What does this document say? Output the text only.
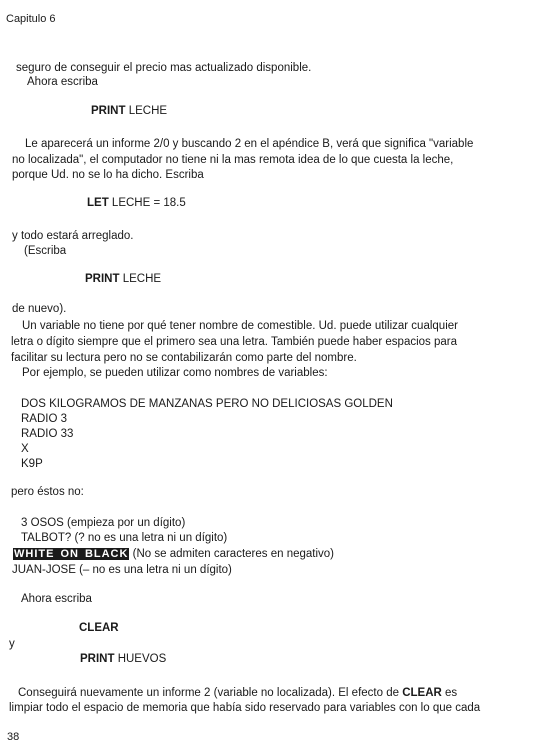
Capitulo 6
seguro de conseguir el precio mas actualizado disponible.
Ahora escriba
PRINT LECHE
Le aparecerá un informe 2/0 y buscando 2 en el apéndice B, verá que significa "variable
no localizada", el computador no tiene ni la mas remota idea de lo que cuesta la leche,
porque Ud. no se lo ha dicho. Escriba
LET LECHE = 18.5
y todo estará arreglado.
(Escriba
PRINT LECHE
de nuevo).
Un variable no tiene por qué tener nombre de comestible. Ud. puede utilizar cualquier
letra o dígito siempre que el primero sea una letra. También puede haber espacios para
facilitar su lectura pero no se contabilizarán como parte del nombre.
Por ejemplo, se pueden utilizar como nombres de variables:
DOS KILOGRAMOS DE MANZANAS PERO NO DELICIOSAS GOLDEN
RADIO 3
RADIO 33
X
K9P
pero éstos no:
3 OSOS (empieza por un dígito)
TALBOT? (? no es una letra ni un dígito)
WHITE ON BLACK (No se admiten caracteres en negativo)
JUAN-JOSE (– no es una letra ni un dígito)
Ahora escriba
CLEAR
y
PRINT HUEVOS
Conseguirá nuevamente un informe 2 (variable no localizada). El efecto de CLEAR es
limpiar todo el espacio de memoria que había sido reservado para variables con lo que cada
38
